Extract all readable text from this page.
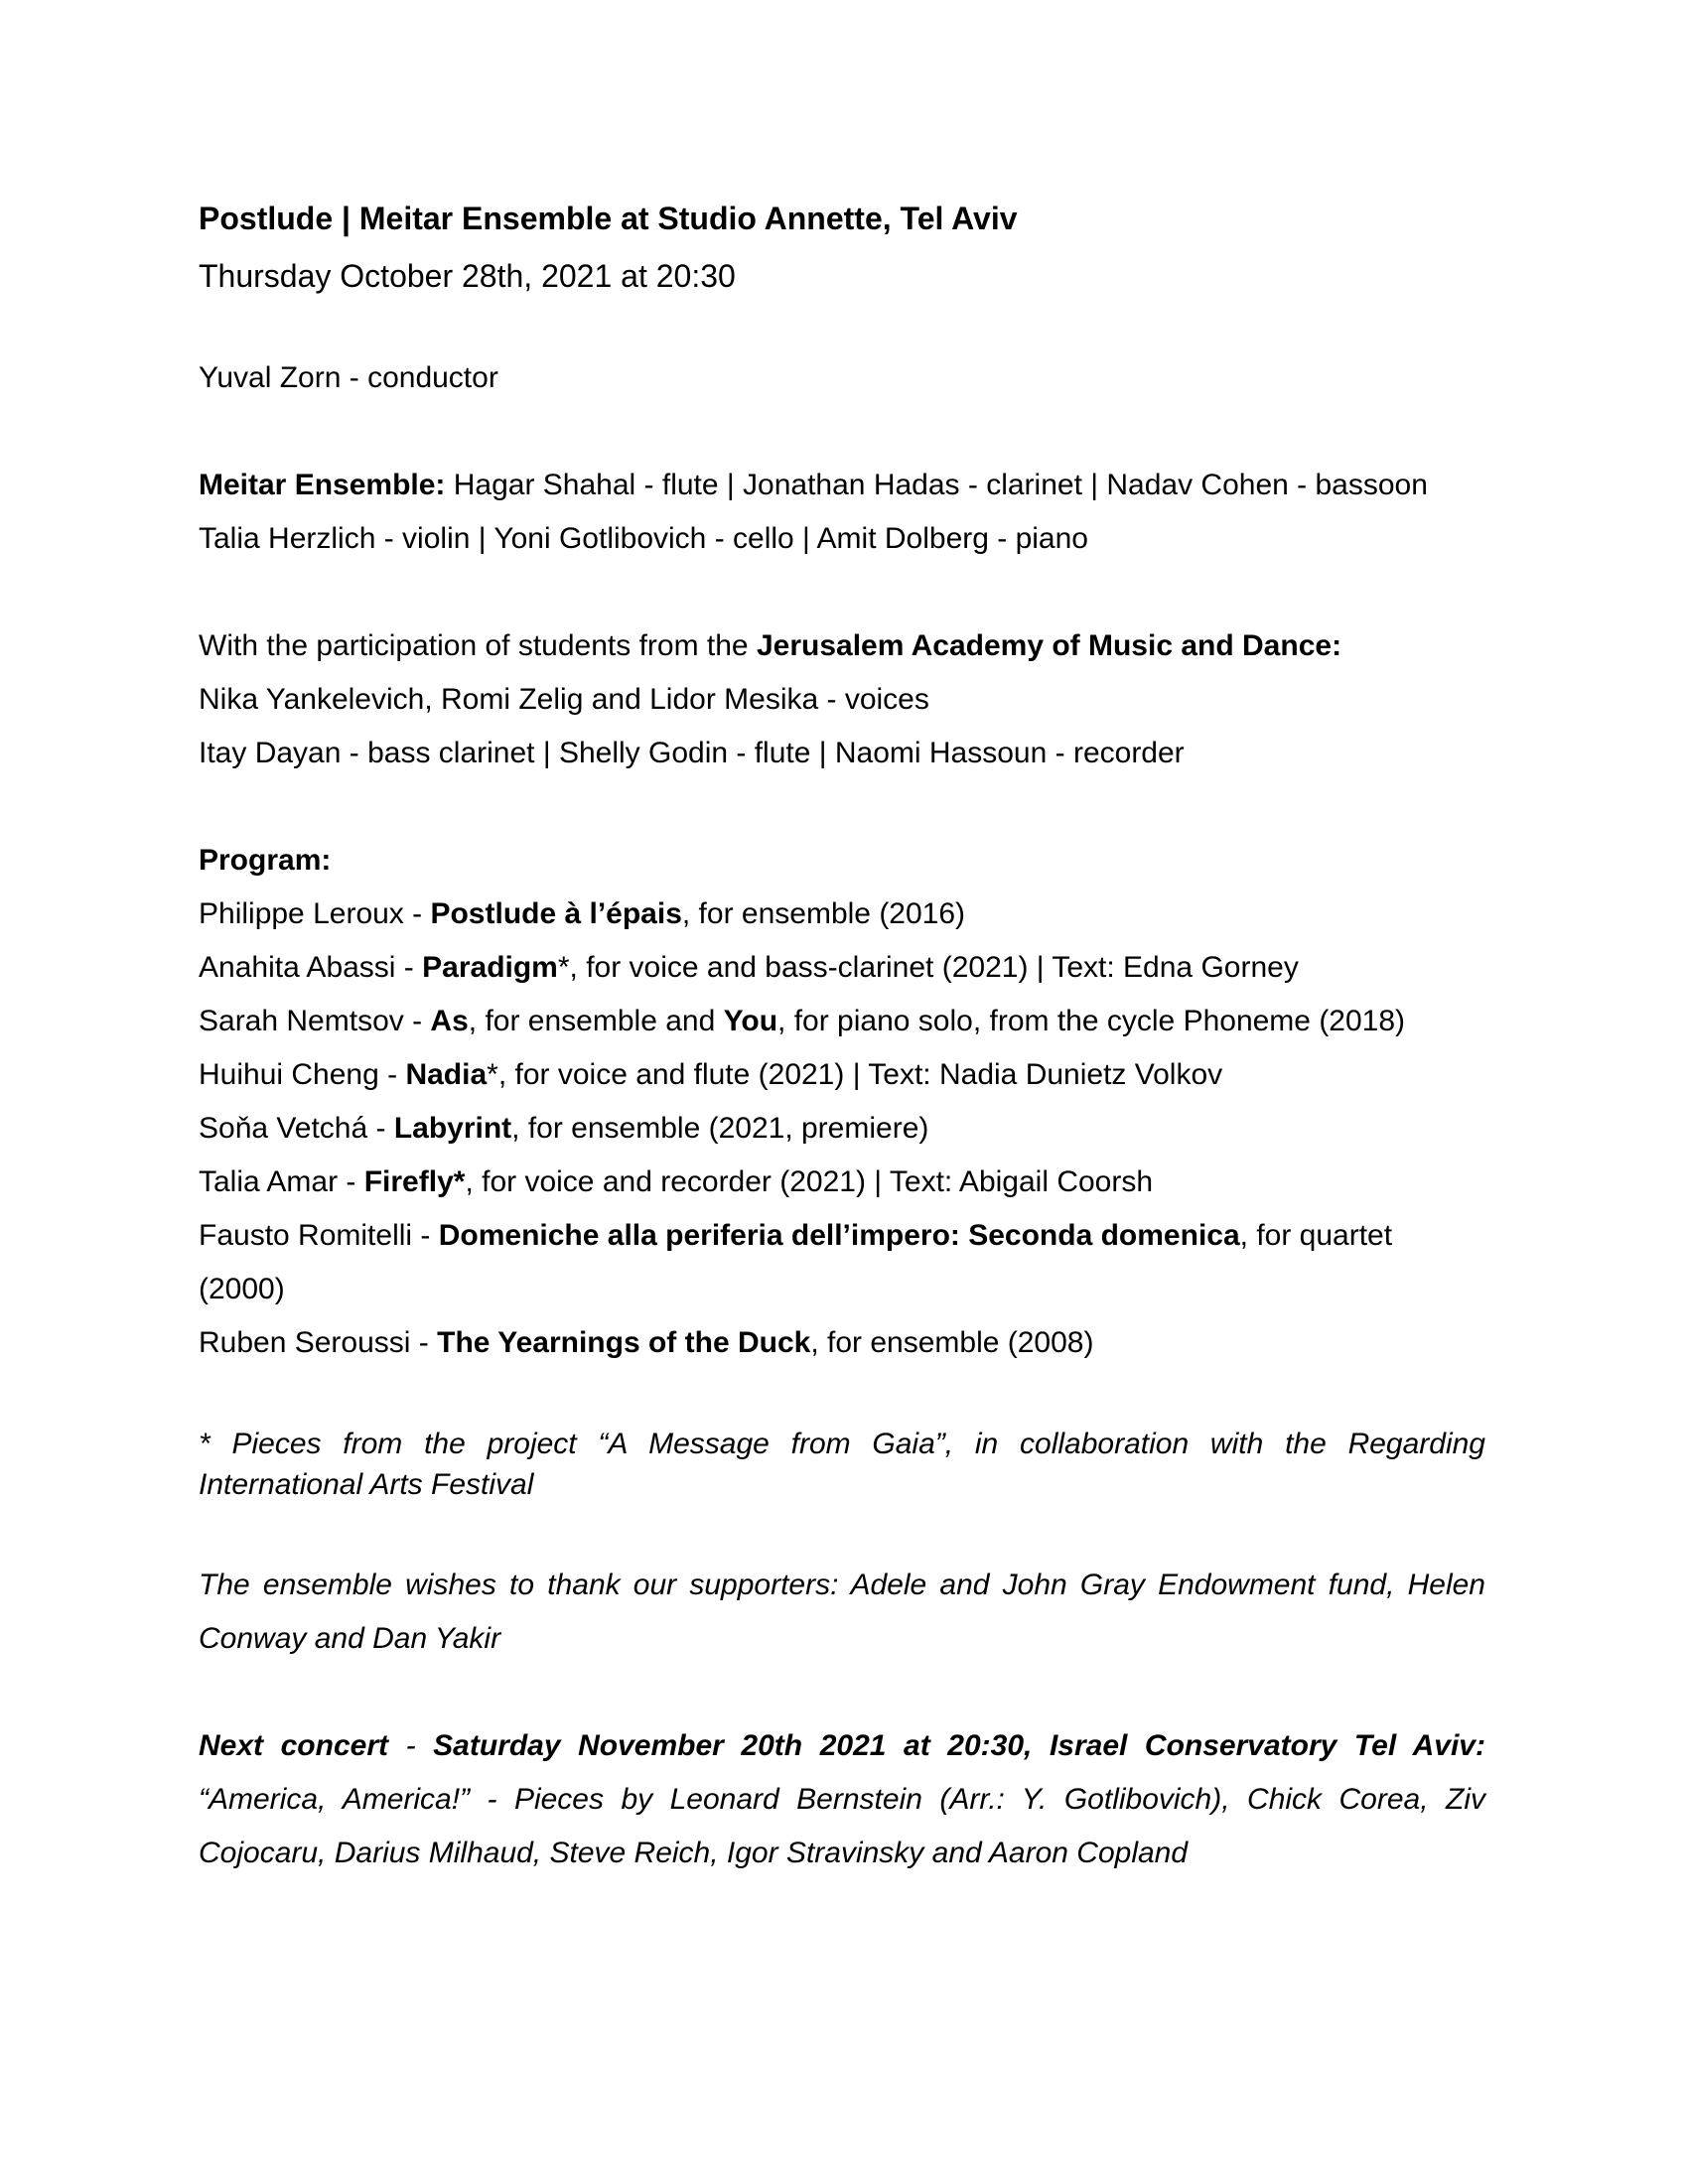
Postlude | Meitar Ensemble at Studio Annette, Tel Aviv

Thursday October 28th, 2021 at 20:30

Yuval Zorn - conductor

Meitar Ensemble: Hagar Shahal - flute | Jonathan Hadas - clarinet | Nadav Cohen - bassoon

Talia Herzlich - violin | Yoni Gotlibovich - cello | Amit Dolberg - piano

With the participation of students from the Jerusalem Academy of Music and Dance:

Nika Yankelevich, Romi Zelig and Lidor Mesika - voices

Itay Dayan - bass clarinet | Shelly Godin - flute | Naomi Hassoun - recorder

Program:

Philippe Leroux - Postlude à l’épais, for ensemble (2016)

Anahita Abassi - Paradigm*, for voice and bass-clarinet (2021) | Text: Edna Gorney

Sarah Nemtsov - As, for ensemble and You, for piano solo, from the cycle Phoneme (2018)

Huihui Cheng - Nadia*, for voice and flute (2021) | Text: Nadia Dunietz Volkov

Soňa Vetchá - Labyrint, for ensemble (2021, premiere)

Talia Amar - Firefly*, for voice and recorder (2021) | Text: Abigail Coorsh

Fausto Romitelli - Domeniche alla periferia dell’impero: Seconda domenica, for quartet

(2000)

Ruben Seroussi - The Yearnings of the Duck, for ensemble (2008)

* Pieces from the project “A Message from Gaia”, in collaboration with the Regarding
International Arts Festival

The ensemble wishes to thank our supporters: Adele and John Gray Endowment fund, Helen
Conway and Dan Yakir

Next concert - Saturday November 20th 2021 at 20:30, Israel Conservatory Tel Aviv:
“America, America!” - Pieces by Leonard Bernstein (Arr.: Y. Gotlibovich), Chick Corea, Ziv
Cojocaru, Darius Milhaud, Steve Reich, Igor Stravinsky and Aaron Copland
